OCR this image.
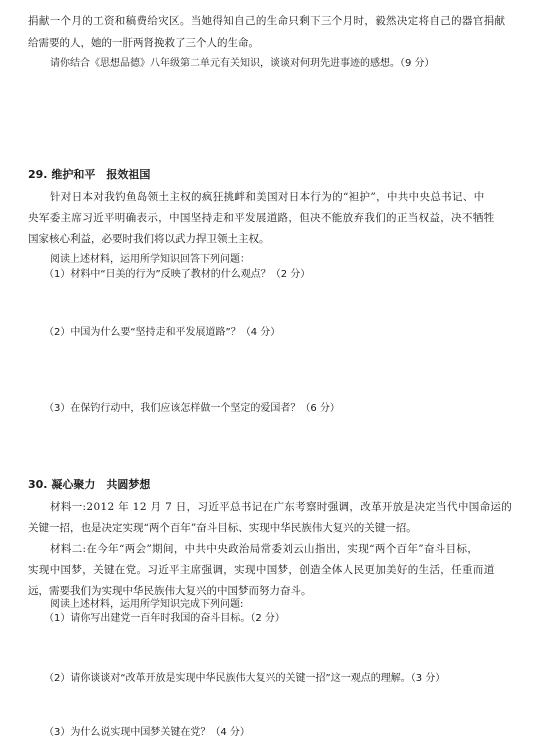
捐献一个月的工资和稿费给灾区。当她得知自己的生命只剩下三个月时，毅然决定将自己的器官捐献
给需要的人，她的一肝两肾挽救了三个人的生命。
请你结合《思想品德》八年级第二单元有关知识，谈谈对何玥先进事迹的感想。（9 分）
29. 维护和平　报效祖国
针对日本对我钓鱼岛领土主权的疯狂挑衅和美国对日本行为的“袒护”，中共中央总书记、中
央军委主席习近平明确表示，中国坚持走和平发展道路，但决不能放弃我们的正当权益，决不牺牲
国家核心利益，必要时我们将以武力捍卫领土主权。
阅读上述材料，运用所学知识回答下列问题：
（1）材料中“日美的行为”反映了教材的什么观点？（2 分）
（2）中国为什么要“坚持走和平发展道路”？（4 分）
（3）在保钓行动中，我们应该怎样做一个坚定的爱国者？（6 分）
30. 凝心聚力　共圆梦想
材料一:2012 年 12 月 7 日，习近平总书记在广东考察时强调，改革开放是决定当代中国命运的
关键一招，也是决定实现“两个百年”奋斗目标、实现中华民族伟大复兴的关键一招。
材料二:在今年“两会”期间，中共中央政治局常委刘云山指出，实现“两个百年”奋斗目标，
实现中国梦，关键在党。习近平主席强调，实现中国梦，创造全体人民更加美好的生活，任重而道
远，需要我们为实现中华民族伟大复兴的中国梦而努力奋斗。
阅读上述材料，运用所学知识完成下列问题:
（1）请你写出建党一百年时我国的奋斗目标。（2 分）
（2）请你谈谈对“改革开放是实现中华民族伟大复兴的关键一招”这一观点的理解。（3 分）
（3）为什么说实现中国梦关键在党？（4 分）
